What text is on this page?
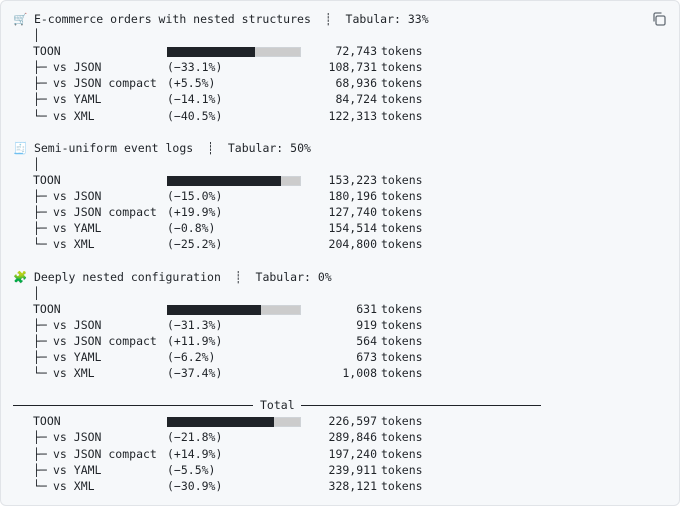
🛒 E-commerce orders with nested structures ┊ Tabular: 33%
│
TOON	72,743 tokens
├─ vs JSON	(−33.1%)	108,731 tokens
├─ vs JSON compact (+5.5%)	68,936 tokens
├─ vs YAML	(−14.1%)	84,724 tokens
└─ vs XML	(−40.5%)	122,313 tokens
🧾 Semi-uniform event logs ┊ Tabular: 50%
│
TOON	153,223 tokens
├─ vs JSON	(−15.0%)	180,196 tokens
├─ vs JSON compact (+19.9%)	127,740 tokens
├─ vs YAML	(−0.8%)	154,514 tokens
└─ vs XML	(−25.2%)	204,800 tokens
🧩 Deeply nested configuration ┊ Tabular: 0%
│
TOON	631 tokens
├─ vs JSON	(−31.3%)	919 tokens
├─ vs JSON compact (+11.9%)	564 tokens
├─ vs YAML	(−6.2%)	673 tokens
└─ vs XML	(−37.4%)	1,008 tokens
Total
TOON	226,597 tokens
├─ vs JSON	(−21.8%)	289,846 tokens
├─ vs JSON compact (+14.9%)	197,240 tokens
├─ vs YAML	(−5.5%)	239,911 tokens
└─ vs XML	(−30.9%)	328,121 tokens
